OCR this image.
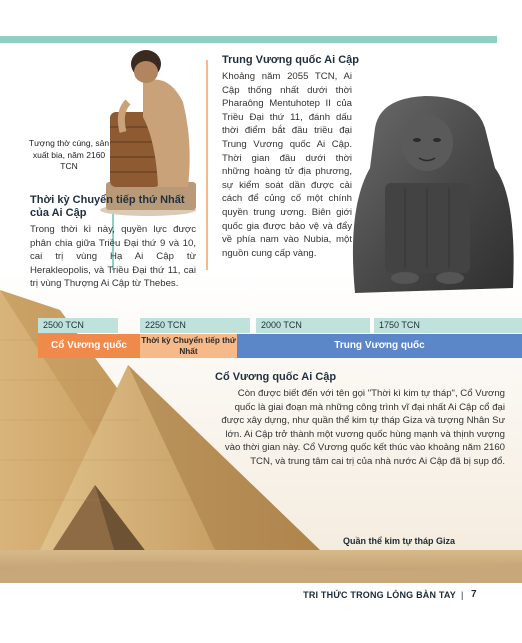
Tượng thờ cúng, sản xuất bia, năm 2160 TCN
Thời kỳ Chuyển tiếp thứ Nhất của Ai Cập

Trong thời kì này, quyền lực được phân chia giữa Triều Đại thứ 9 và 10, cai trị vùng Hạ Ai Cập từ Herakleopolis, và Triều Đại thứ 11, cai trị vùng Thượng Ai Cập từ Thebes.

Trung Vương quốc Ai Cập

Khoảng năm 2055 TCN, Ai Cập thống nhất dưới thời Pharaông Mentuhotep II của Triều Đại thứ 11, đánh dấu thời điểm bắt đầu triều đại Trung Vương quốc Ai Cập. Thời gian đầu dưới thời những hoàng tử địa phương, sự kiểm soát dần được cải cách để củng cố một chính quyền trung ương. Biên giới quốc gia được bảo vệ và đẩy về phía nam vào Nubia, một nguồn cung cấp vàng.

2500 TCN	2250 TCN	2000 TCN	1750 TCN
Cổ Vương quốc	Thời kỳ Chuyển tiếp thứ Nhất
Trung Vương quốc
Cổ Vương quốc Ai Cập

Còn được biết đến với tên gọi "Thời kì kim tự tháp", Cổ Vương quốc là giai đoạn mà những công trình vĩ đại nhất Ai Cập cổ đại được xây dựng, như quần thể kim tự tháp Giza và tượng Nhân Sư lớn. Ai Cập trở thành một vương quốc hùng mạnh và thịnh vượng vào thời gian này. Cổ Vương quốc kết thúc vào khoảng năm 2160 TCN, và trung tâm cai trị của nhà nước Ai Cập đã bị sụp đổ.

Quần thể kim tự tháp Giza
TRI THỨC TRONG LÒNG BÀN TAY | 7
